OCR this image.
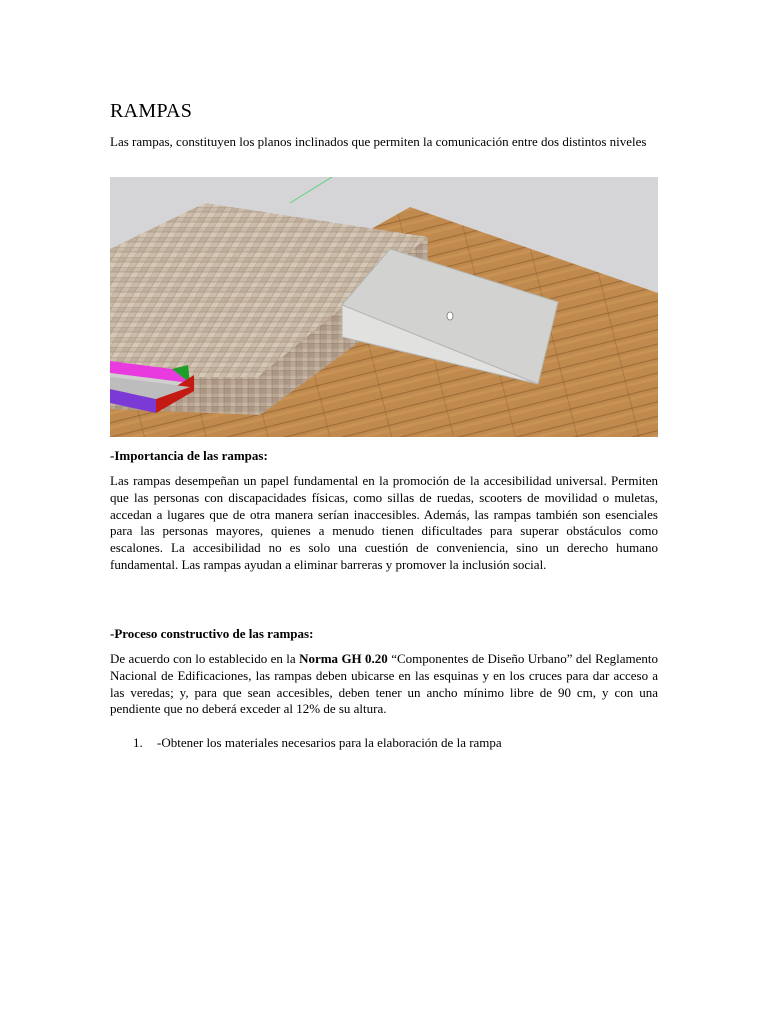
RAMPAS

Las rampas, constituyen los planos inclinados que permiten la comunicación entre dos distintos niveles

-Importancia de las rampas:

Las rampas desempeñan un papel fundamental en la promoción de la accesibilidad universal. Permiten que las personas con discapacidades físicas, como sillas de ruedas, scooters de movilidad o muletas, accedan a lugares que de otra manera serían inaccesibles. Además, las rampas también son esenciales para las personas mayores, quienes a menudo tienen dificultades para superar obstáculos como escalones. La accesibilidad no es solo una cuestión de conveniencia, sino un derecho humano fundamental. Las rampas ayudan a eliminar barreras y promover la inclusión social.

-Proceso constructivo de las rampas:

De acuerdo con lo establecido en la Norma GH 0.20 “Componentes de Diseño Urbano” del Reglamento Nacional de Edificaciones, las rampas deben ubicarse en las esquinas y en los cruces para dar acceso a las veredas; y, para que sean accesibles, deben tener un ancho mínimo libre de 90 cm, y con una pendiente que no deberá exceder al 12% de su altura.

1.	-Obtener los materiales necesarios para la elaboración de la rampa
